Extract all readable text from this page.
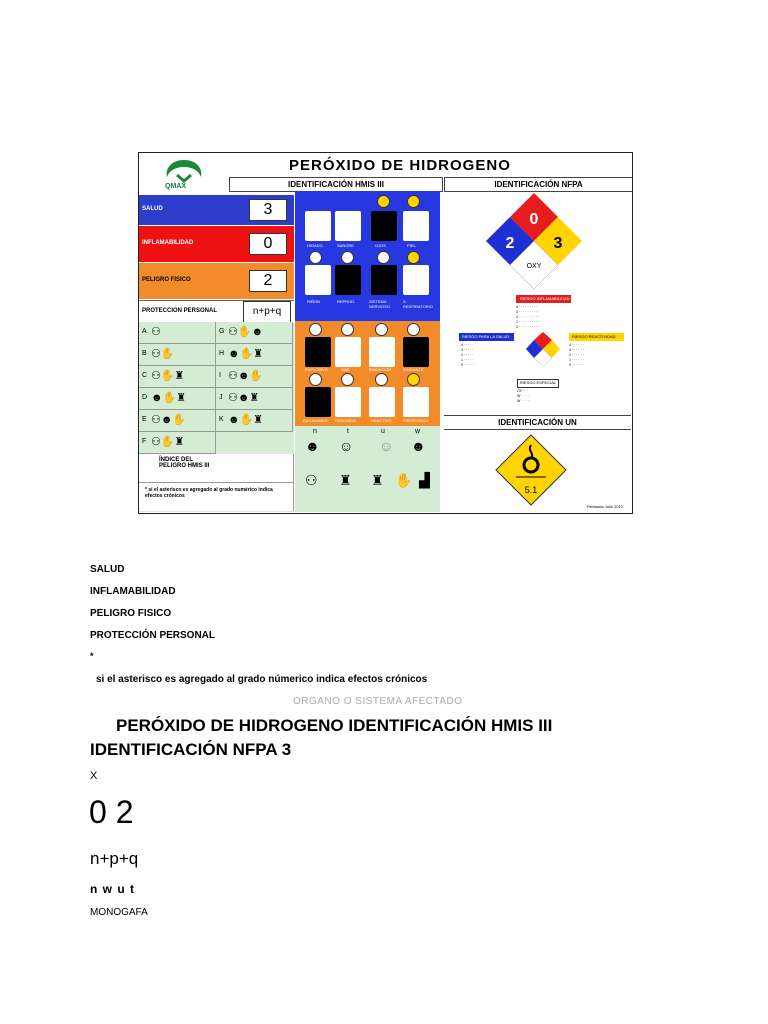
QMAX
PERÓXIDO DE HIDROGENO
IDENTIFICACIÓN HMIS III	IDENTIFICACIÓN NFPA
SALUD	3
INFLAMABILIDAD	0
PELIGRO FISICO	2
PROTECCION PERSONAL	n+p+q
A ⚇	G ⚇✋☻
B ⚇✋	H ☻✋♜
C ⚇✋♜	I ⚇☻✋
D ☻✋♜	J ⚇☻♜
E ⚇☻✋	K ☻✋♜
F ⚇✋♜
ÍNDICE DEL PELIGRO HMIS III
* si el asterisco es agregado al grado numérico indica efectos crónicos
HIGADO	SANGRE	OJOS	PIEL
RIÑON	REPROD.	SISTEMA NERVIOSO
S. RESPIRATORIO
EXPLOSIVO	GAS	RADIACION	OXIDANTE
INFLAMABLE PEROXIDO	REACTIVO	PIROFORICO
n	t	u	w
☻ ☺ ☺ ☻
⚇ ♜ ♜ ✋ ▟
0
2 3
OXY
RIESGO INFLAMABILIDAD
4 · · · · · · · · · ·
3 · · · · · · · · · ·
2 · · · · · · · · · ·
1 · · · · · · · · · ·
0 · · · · · · · · · ·
RIESGO PARA LA SALUD
4 · · · · ·
3 · · · · ·
2 · · · · ·
1 · · · · ·
0 · · · · ·
RIESGO REACTIVIDAD
4 · · · · · ·
3 · · · · · ·
2 · · · · · ·
1 · · · · · ·
0 · · · · · ·
RIESGO ESPECIAL
OY · · ·
W · · · ·
W · · · ·
IDENTIFICACIÓN UN
5.1
Revisado Julio 2012
SALUD
INFLAMABILIDAD
PELIGRO FISICO
PROTECCIÓN PERSONAL
*
si el asterisco es agregado al grado númerico indica efectos crónicos
ORGANO O SISTEMA AFECTADO
PERÓXIDO DE HIDROGENO IDENTIFICACIÓN HMIS III
IDENTIFICACIÓN NFPA 3
X
0 2
n+p+q
n w u t
MONOGAFA
